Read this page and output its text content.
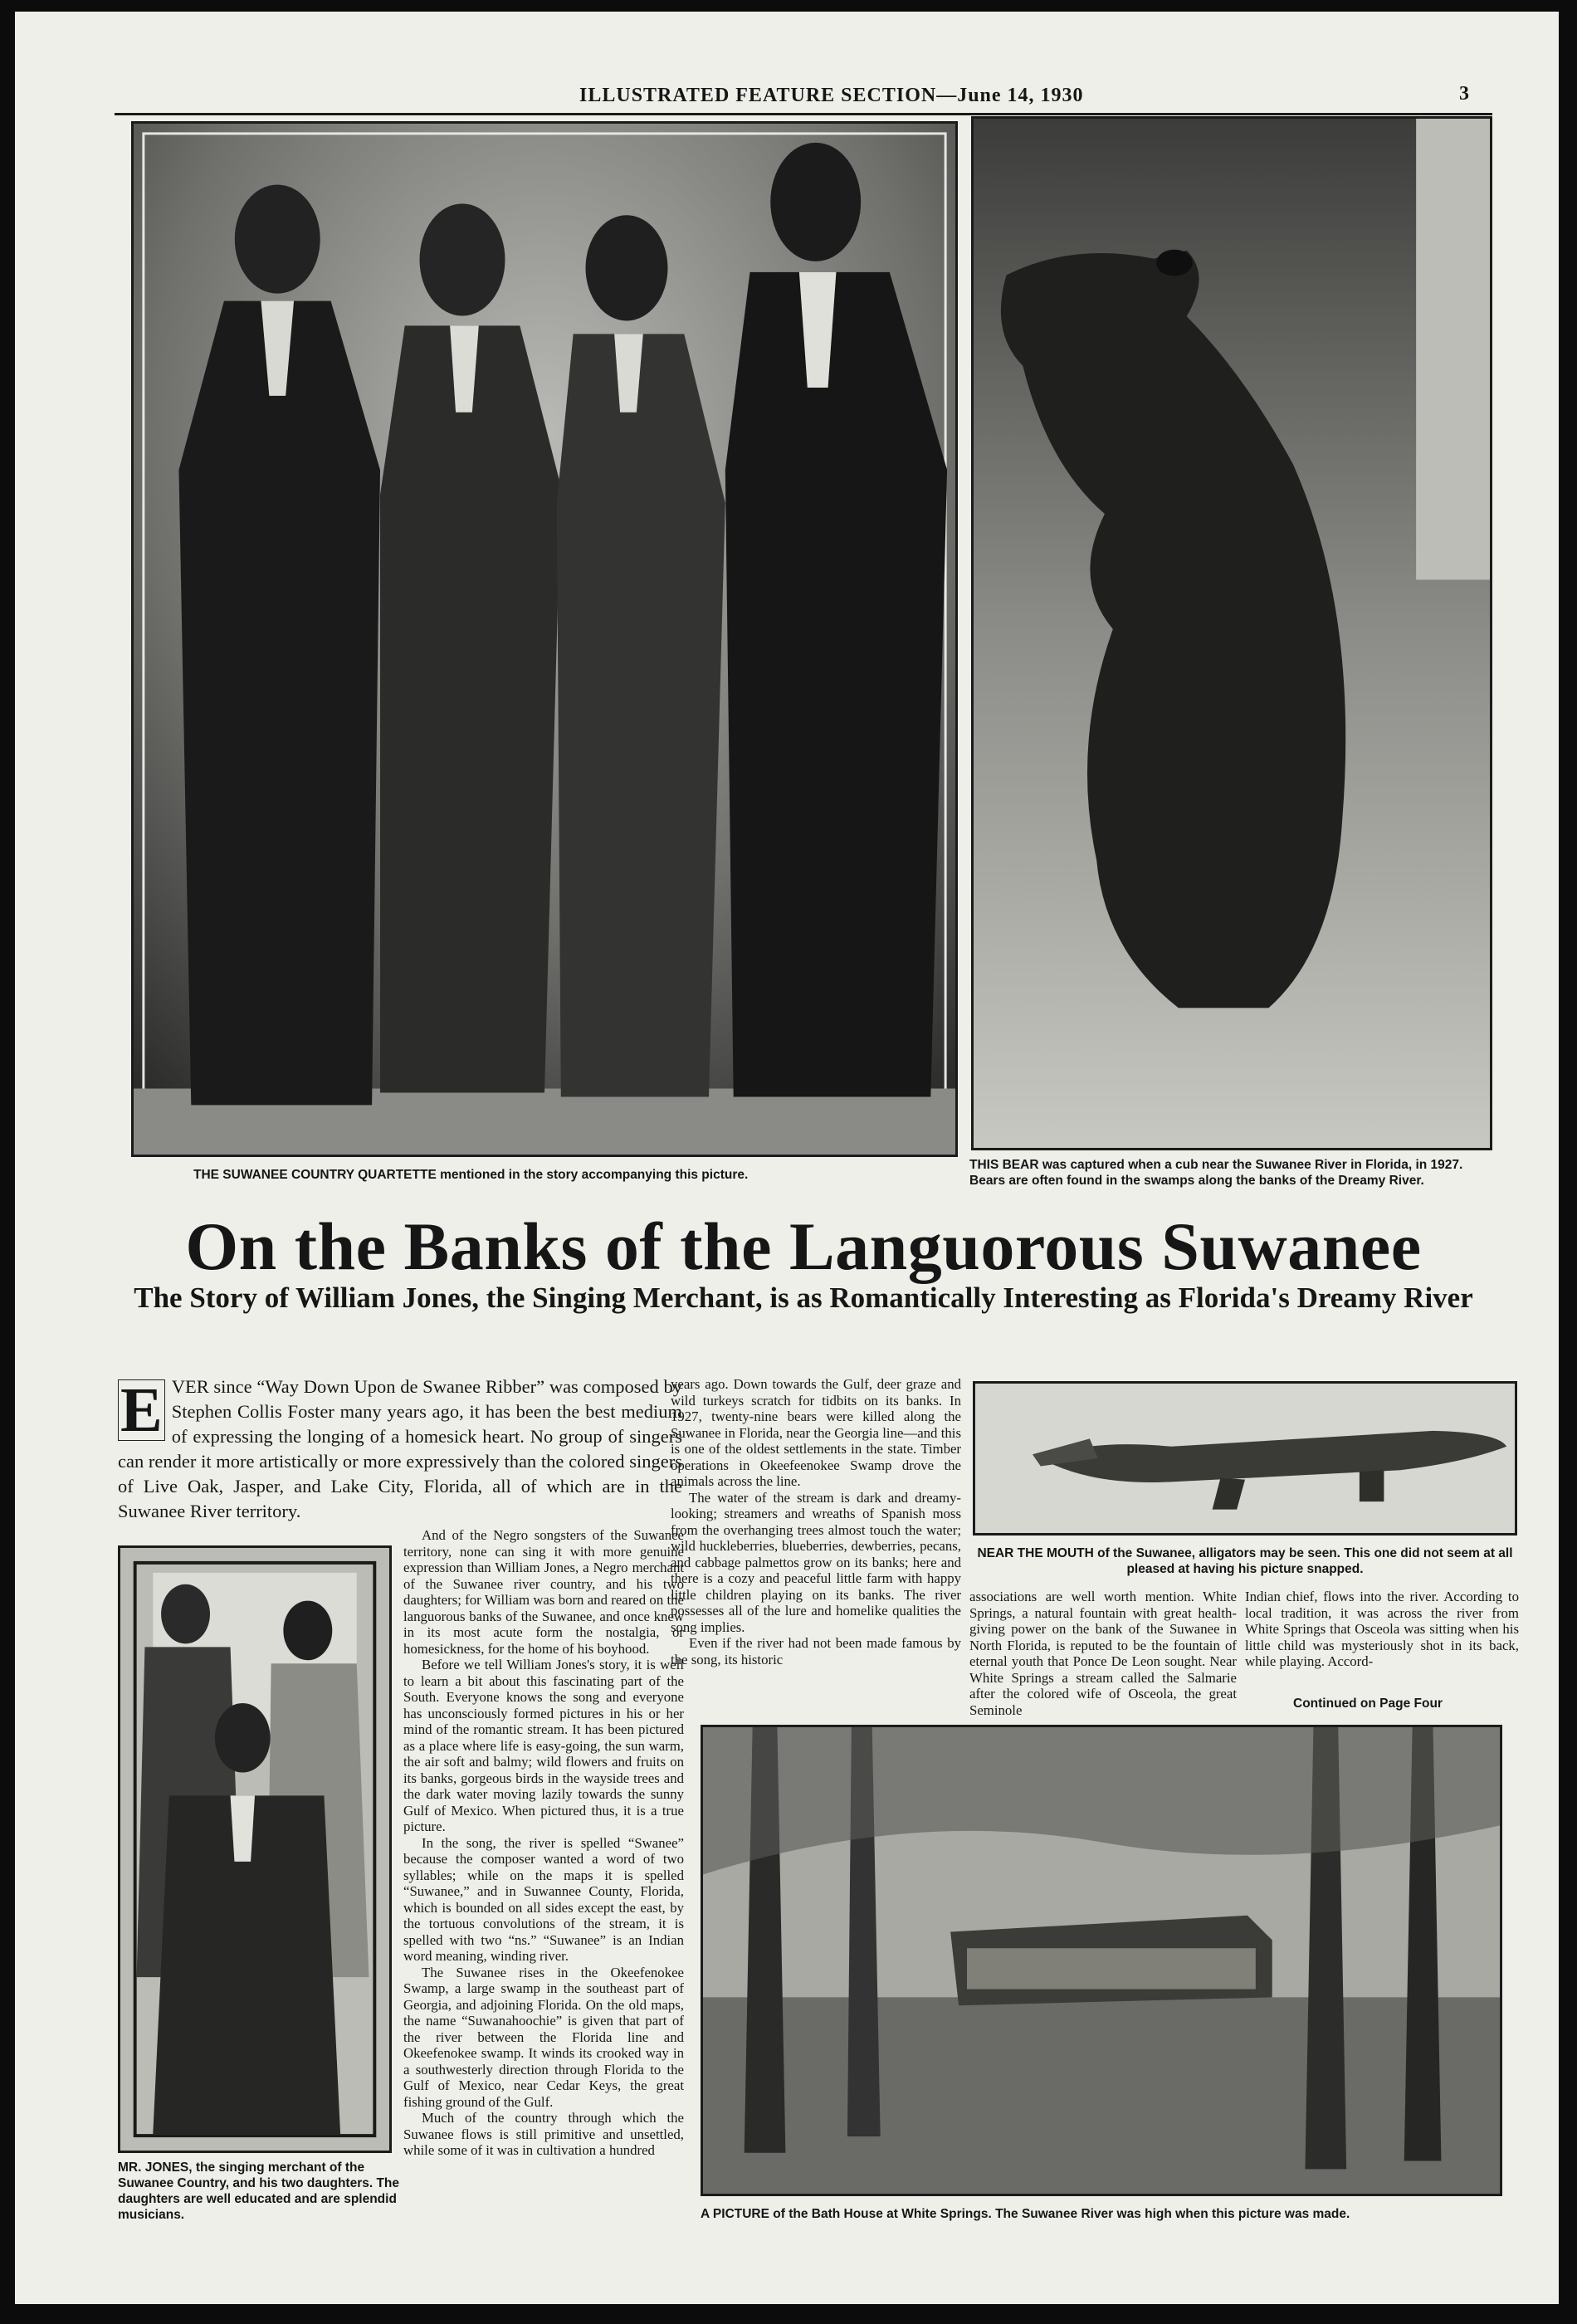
ILLUSTRATED FEATURE SECTION—June 14, 1930	3
THE SUWANEE COUNTRY QUARTETTE mentioned in the story accompanying this picture.
THIS BEAR was captured when a cub near the Suwanee River in Florida, in 1927. Bears are often found in the swamps along the banks of the Dreamy River.
On the Banks of the Languorous Suwanee
The Story of William Jones, the Singing Merchant, is as Romantically Interesting as Florida's Dreamy River
E VER since “Way Down Upon de Swanee Ribber” was composed by Stephen Collis Foster many years ago, it has been the best medium of expressing the longing of a homesick heart. No group of singers can render it more artistically or more expressively than the colored singers of Live Oak, Jasper, and Lake City, Florida, all of which are in the Suwanee River territory.
MR. JONES, the singing merchant of the Suwanee Country, and his two daughters. The daughters are well educated and are splendid musicians.

And of the Negro songsters of the Suwanee territory, none can sing it with more genuine expression than William Jones, a Negro merchant of the Suwanee river country, and his two daughters; for William was born and reared on the languorous banks of the Suwanee, and once knew in its most acute form the nostalgia, or homesickness, for the home of his boyhood.

Before we tell William Jones's story, it is well to learn a bit about this fascinating part of the South. Everyone knows the song and everyone has unconsciously formed pictures in his or her mind of the romantic stream. It has been pictured as a place where life is easy-going, the sun warm, the air soft and balmy; wild flowers and fruits on its banks, gorgeous birds in the wayside trees and the dark water moving lazily towards the sunny Gulf of Mexico. When pictured thus, it is a true picture.

In the song, the river is spelled “Swanee” because the composer wanted a word of two syllables; while on the maps it is spelled “Suwanee,” and in Suwannee County, Florida, which is bounded on all sides except the east, by the tortuous convolutions of the stream, it is spelled with two “ns.” “Suwanee” is an Indian word meaning, winding river.

The Suwanee rises in the Okeefenokee Swamp, a large swamp in the southeast part of Georgia, and adjoining Florida. On the old maps, the name “Suwanahoochie” is given that part of the river between the Florida line and Okeefenokee swamp. It winds its crooked way in a southwesterly direction through Florida to the Gulf of Mexico, near Cedar Keys, the great fishing ground of the Gulf.

Much of the country through which the Suwanee flows is still primitive and unsettled, while some of it was in cultivation a hundred

years ago. Down towards the Gulf, deer graze and wild turkeys scratch for tidbits on its banks. In 1927, twenty-nine bears were killed along the Suwanee in Florida, near the Georgia line—and this is one of the oldest settlements in the state. Timber operations in Okeefeenokee Swamp drove the animals across the line.

The water of the stream is dark and dreamy-looking; streamers and wreaths of Spanish moss from the overhanging trees almost touch the water; wild huckleberries, blueberries, dewberries, pecans, and cabbage palmettos grow on its banks; here and there is a cozy and peaceful little farm with happy little children playing on its banks. The river possesses all of the lure and homelike qualities the song implies.

Even if the river had not been made famous by the song, its historic

NEAR THE MOUTH of the Suwanee, alligators may be seen. This one did not seem at all pleased at having his picture snapped.

associations are well worth mention. White Springs, a natural fountain with great health-giving power on the bank of the Suwanee in North Florida, is reputed to be the fountain of eternal youth that Ponce De Leon sought. Near White Springs a stream called the Salmarie after the colored wife of Osceola, the great Seminole

Indian chief, flows into the river. According to local tradition, it was across the river from White Springs that Osceola was sitting when his little child was mysteriously shot in its back, while playing. Accord-

Continued on Page Four
A PICTURE of the Bath House at White Springs. The Suwanee River was high when this picture was made.
